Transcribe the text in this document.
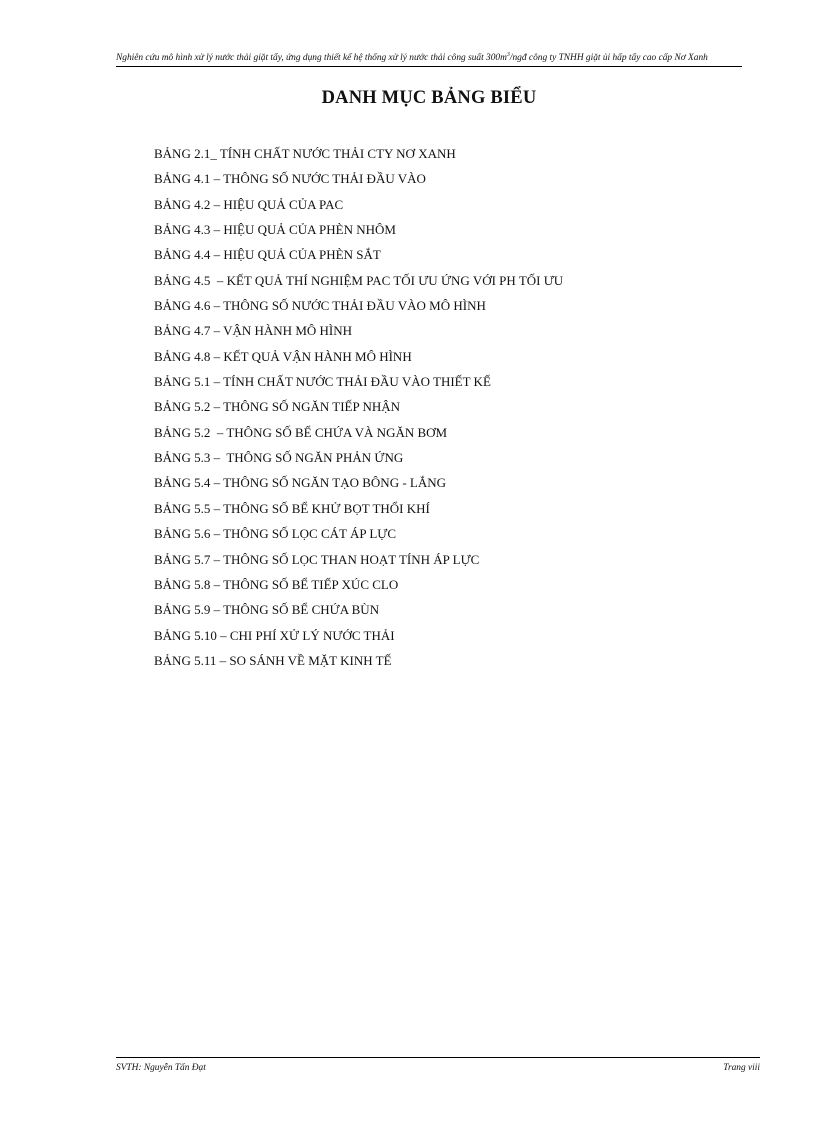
Nghiên cứu mô hình xử lý nước thải giặt tẩy, ứng dụng thiết kế hệ thống xử lý nước thải công suất $300m^3$/ngđ công ty TNHH giặt ủi hấp tẩy cao cấp Nơ Xanh
DANH MỤC BẢNG BIỂU
BẢNG 2.1_ TÍNH CHẤT NƯỚC THẢI CTY NƠ XANH
BẢNG 4.1 – THÔNG SỐ NƯỚC THẢI ĐẦU VÀO
BẢNG 4.2 – HIỆU QUẢ CỦA PAC
BẢNG 4.3 – HIỆU QUẢ CỦA PHÈN NHÔM
BẢNG 4.4 – HIỆU QUẢ CỦA PHÈN SẮT
BẢNG 4.5  – KẾT QUẢ THÍ NGHIỆM PAC TỐI ƯU ỨNG VỚI PH TỐI ƯU
BẢNG 4.6 – THÔNG SỐ NƯỚC THẢI ĐẦU VÀO MÔ HÌNH
BẢNG 4.7 – VẬN HÀNH MÔ HÌNH
BẢNG 4.8 – KẾT QUẢ VẬN HÀNH MÔ HÌNH
BẢNG 5.1 – TÍNH CHẤT NƯỚC THẢI ĐẦU VÀO THIẾT KẾ
BẢNG 5.2 – THÔNG SỐ NGĂN TIẾP NHẬN
BẢNG 5.2  – THÔNG SỐ BỂ CHỨA VÀ NGĂN BƠM
BẢNG 5.3 –  THÔNG SỐ NGĂN PHẢN ỨNG
BẢNG 5.4 – THÔNG SỐ NGĂN TẠO BÔNG - LẮNG
BẢNG 5.5 – THÔNG SỐ BỂ KHỬ BỌT THỔI KHÍ
BẢNG 5.6 – THÔNG SỐ LỌC CÁT ÁP LỰC
BẢNG 5.7 – THÔNG SỐ LỌC THAN HOẠT TÍNH ÁP LỰC
BẢNG 5.8 – THÔNG SỐ BỂ TIẾP XÚC CLO
BẢNG 5.9 – THÔNG SỐ BỂ CHỨA BÙN
BẢNG 5.10 – CHI PHÍ XỬ LÝ NƯỚC THẢI
BẢNG 5.11 – SO SÁNH VỀ MẶT KINH TẾ
SVTH: Nguyễn Tấn Đạt	Trang viii
